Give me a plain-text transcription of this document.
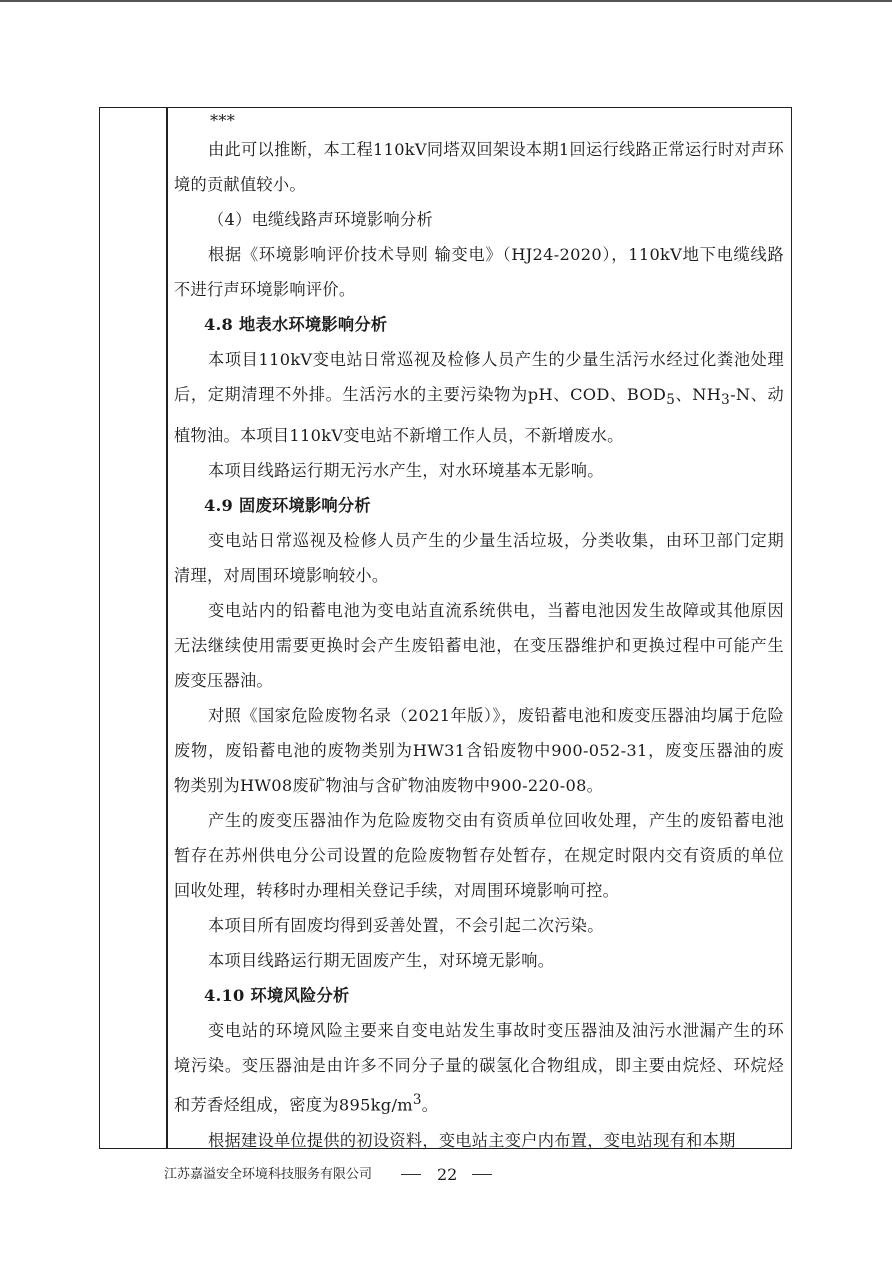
***

由此可以推断，本工程110kV同塔双回架设本期1回运行线路正常运行时对声环境的贡献值较小。

（4）电缆线路声环境影响分析

根据《环境影响评价技术导则 输变电》（HJ24-2020），110kV地下电缆线路不进行声环境影响评价。

4.8 地表水环境影响分析

本项目110kV变电站日常巡视及检修人员产生的少量生活污水经过化粪池处理后，定期清理不外排。生活污水的主要污染物为pH、COD、$BOD_5$、$NH_3-N$、动植物油。本项目110kV变电站不新增工作人员，不新增废水。

本项目线路运行期无污水产生，对水环境基本无影响。

4.9 固废环境影响分析

变电站日常巡视及检修人员产生的少量生活垃圾，分类收集，由环卫部门定期清理，对周围环境影响较小。

变电站内的铅蓄电池为变电站直流系统供电，当蓄电池因发生故障或其他原因无法继续使用需要更换时会产生废铅蓄电池，在变压器维护和更换过程中可能产生废变压器油。

对照《国家危险废物名录（2021年版）》，废铅蓄电池和废变压器油均属于危险废物，废铅蓄电池的废物类别为HW31含铅废物中900-052-31，废变压器油的废物类别为HW08废矿物油与含矿物油废物中900-220-08。

产生的废变压器油作为危险废物交由有资质单位回收处理，产生的废铅蓄电池暂存在苏州供电分公司设置的危险废物暂存处暂存，在规定时限内交有资质的单位回收处理，转移时办理相关登记手续，对周围环境影响可控。

本项目所有固废均得到妥善处置，不会引起二次污染。

本项目线路运行期无固废产生，对环境无影响。

4.10 环境风险分析

变电站的环境风险主要来自变电站发生事故时变压器油及油污水泄漏产生的环境污染。变压器油是由许多不同分子量的碳氢化合物组成，即主要由烷烃、环烷烃和芳香烃组成，密度为$895kg/m^3$。

根据建设单位提供的初设资料，变电站主变户内布置，变电站现有和本期

江苏嘉溢安全环境科技服务有限公司	22
